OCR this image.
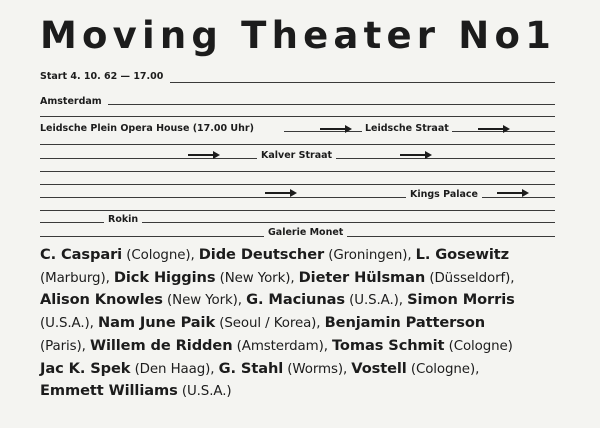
Moving Theater No1
Start 4. 10. 62 — 17.00
Amsterdam
Leidsche Plein Opera House (17.00 Uhr)	Leidsche Straat
Kalver Straat
Kings Palace
Rokin
Galerie Monet
C. Caspari (Cologne), Dide Deutscher (Groningen), L. Gosewitz
(Marburg), Dick Higgins (New York), Dieter Hülsman (Düsseldorf),
Alison Knowles (New York), G. Maciunas (U.S.A.), Simon Morris
(U.S.A.), Nam June Paik (Seoul / Korea), Benjamin Patterson
(Paris), Willem de Ridden (Amsterdam), Tomas Schmit (Cologne)
Jac K. Spek (Den Haag), G. Stahl (Worms), Vostell (Cologne),
Emmett Williams (U.S.A.)
